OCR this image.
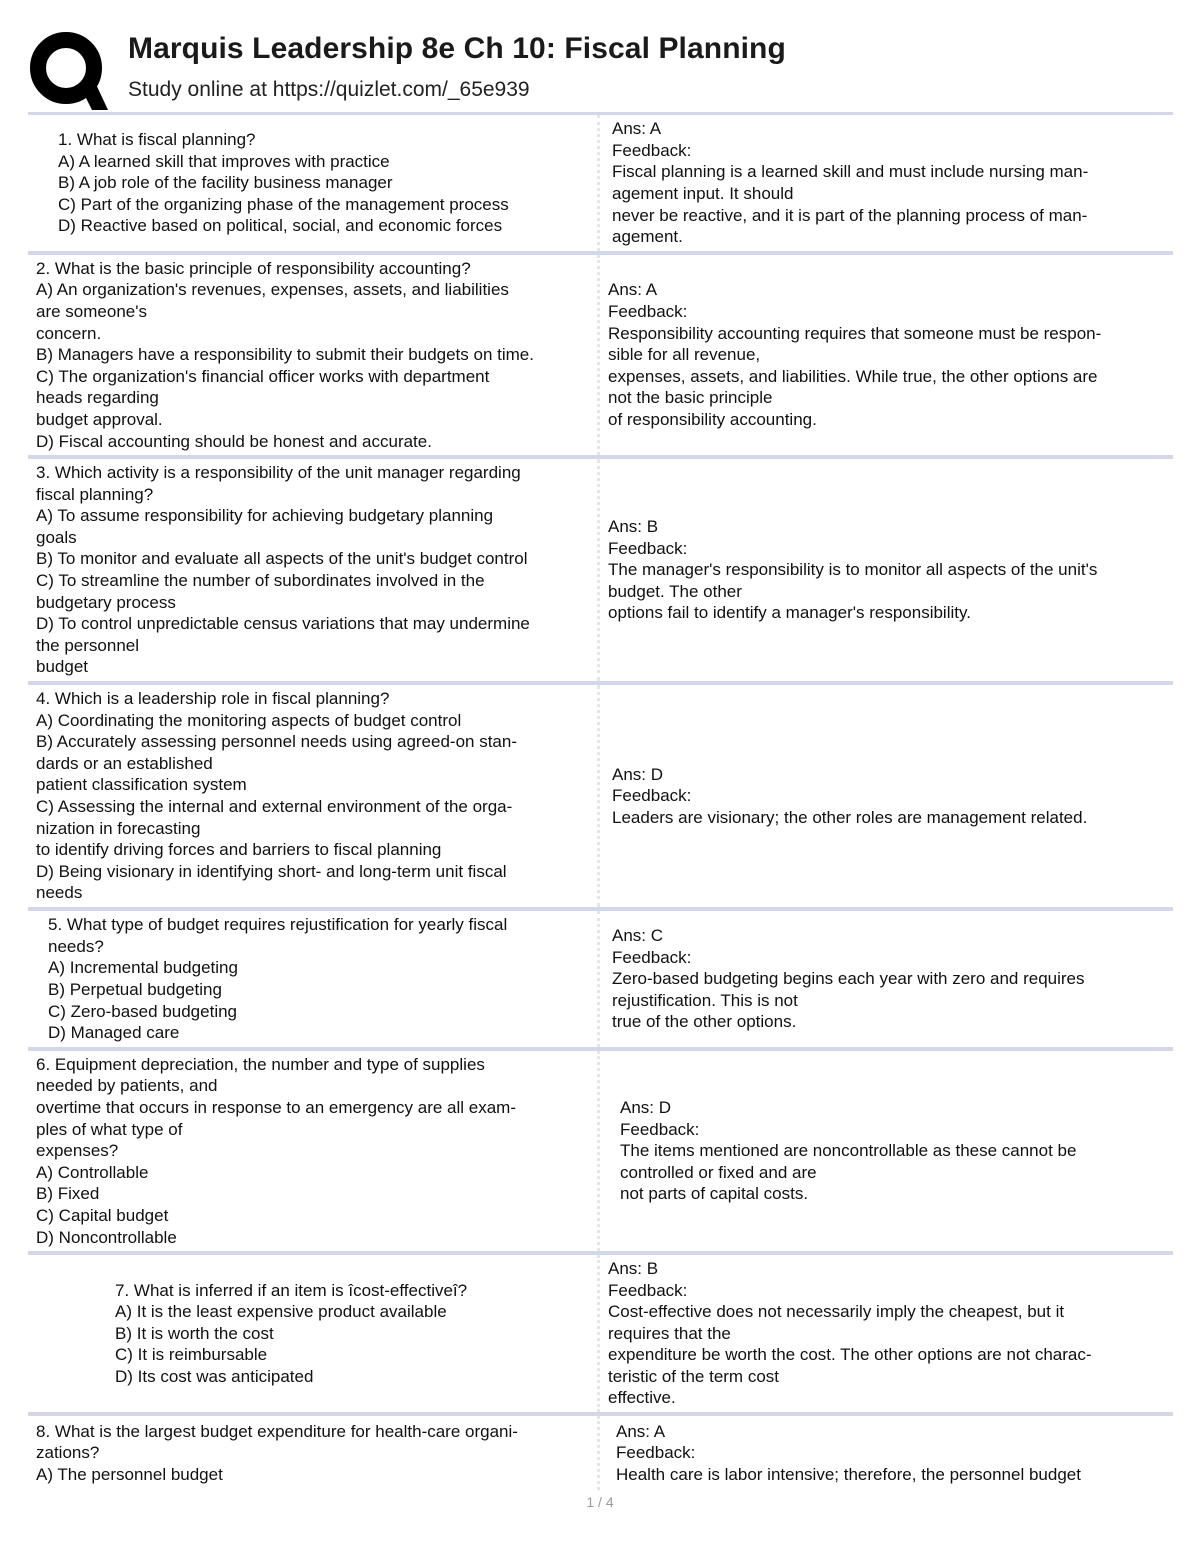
Marquis Leadership 8e Ch 10: Fiscal Planning
Study online at https://quizlet.com/_65e939
1. What is fiscal planning?
A) A learned skill that improves with practice
B) A job role of the facility business manager
C) Part of the organizing phase of the management process
D) Reactive based on political, social, and economic forces
Ans: A
Feedback:
Fiscal planning is a learned skill and must include nursing man-
agement input. It should
never be reactive, and it is part of the planning process of man-
agement.
2. What is the basic principle of responsibility accounting?
A) An organization's revenues, expenses, assets, and liabilities
are someone's
concern.
B) Managers have a responsibility to submit their budgets on time.
C) The organization's financial officer works with department
heads regarding
budget approval.
D) Fiscal accounting should be honest and accurate.
Ans: A
Feedback:
Responsibility accounting requires that someone must be respon-
sible for all revenue,
expenses, assets, and liabilities. While true, the other options are
not the basic principle
of responsibility accounting.
3. Which activity is a responsibility of the unit manager regarding
fiscal planning?
A) To assume responsibility for achieving budgetary planning
goals
B) To monitor and evaluate all aspects of the unit's budget control
C) To streamline the number of subordinates involved in the
budgetary process
D) To control unpredictable census variations that may undermine
the personnel
budget
Ans: B
Feedback:
The manager's responsibility is to monitor all aspects of the unit's
budget. The other
options fail to identify a manager's responsibility.
4. Which is a leadership role in fiscal planning?
A) Coordinating the monitoring aspects of budget control
B) Accurately assessing personnel needs using agreed-on stan-
dards or an established
patient classification system
C) Assessing the internal and external environment of the orga-
nization in forecasting
to identify driving forces and barriers to fiscal planning
D) Being visionary in identifying short- and long-term unit fiscal
needs
Ans: D
Feedback:
Leaders are visionary; the other roles are management related.
5. What type of budget requires rejustification for yearly fiscal
needs?
A) Incremental budgeting
B) Perpetual budgeting
C) Zero-based budgeting
D) Managed care
Ans: C
Feedback:
Zero-based budgeting begins each year with zero and requires
rejustification. This is not
true of the other options.
6. Equipment depreciation, the number and type of supplies
needed by patients, and
overtime that occurs in response to an emergency are all exam-
ples of what type of
expenses?
A) Controllable
B) Fixed
C) Capital budget
D) Noncontrollable
Ans: D
Feedback:
The items mentioned are noncontrollable as these cannot be
controlled or fixed and are
not parts of capital costs.
7. What is inferred if an item is îcost-effectiveî?
A) It is the least expensive product available
B) It is worth the cost
C) It is reimbursable
D) Its cost was anticipated
Ans: B
Feedback:
Cost-effective does not necessarily imply the cheapest, but it
requires that the
expenditure be worth the cost. The other options are not charac-
teristic of the term cost
effective.
8. What is the largest budget expenditure for health-care organi-
zations?
A) The personnel budget
Ans: A
Feedback:
Health care is labor intensive; therefore, the personnel budget
1 / 4
